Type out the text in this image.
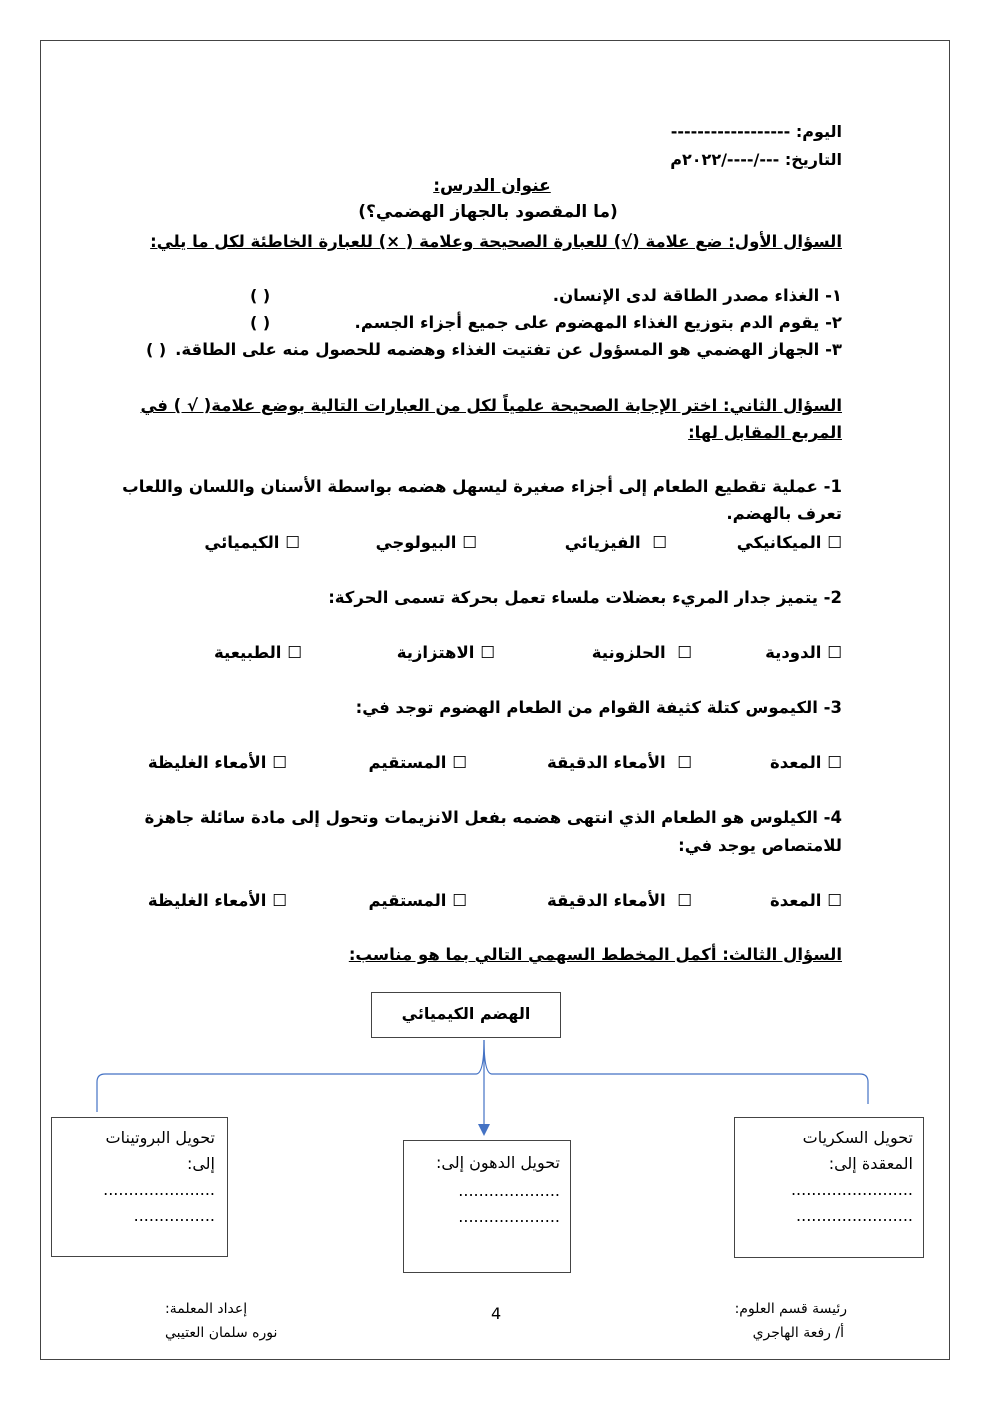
اليوم: ------------------
التاريخ: ---/----/٢٠٢٢م
عنوان الدرس:
(ما المقصود بالجهاز الهضمي؟)
السؤال الأول: ضع علامة (√) للعبارة الصحيحة وعلامة ( ×) للعبارة الخاطئة لكل ما يلي:
١- الغذاء مصدر الطاقة لدى الإنسان.
( )
٢- يقوم الدم بتوزيع الغذاء المهضوم على جميع أجزاء الجسم.
( )
٣- الجهاز الهضمي هو المسؤول عن تفتيت الغذاء وهضمه للحصول منه على الطاقة.
( )
السؤال الثاني: اختر الإجابة الصحيحة علمياً لكل من العبارات التالية بوضع علامة( √ ) في
المربع المقابل لها:
1- عملية تقطيع الطعام إلى أجزاء صغيرة ليسهل هضمه بواسطة الأسنان واللسان واللعاب
تعرف بالهضم.
☐ الميكانيكي
☐  الفيزيائي
☐ البيولوجي
☐ الكيميائي
2- يتميز جدار المريء بعضلات ملساء تعمل بحركة تسمى الحركة:
☐ الدودية
☐  الحلزونية
☐ الاهتزازية
☐ الطبيعية
3- الكيموس كتلة كثيفة القوام من الطعام الهضوم توجد في:
☐ المعدة
☐  الأمعاء الدقيقة
☐ المستقيم
☐ الأمعاء الغليظة
4- الكيلوس هو الطعام الذي انتهى هضمه بفعل الانزيمات وتحول إلى مادة سائلة جاهزة
للامتصاص يوجد في:
☐ المعدة
☐  الأمعاء الدقيقة
☐ المستقيم
☐ الأمعاء الغليظة
السؤال الثالث: أكمل المخطط السهمي التالي بما هو مناسب:
الهضم الكيميائي
تحويل البروتينات
إلى:
......................
................
تحويل الدهون إلى:
....................
....................
تحويل السكريات
المعقدة إلى:
........................
.......................
رئيسة قسم العلوم:
أ/ رفعة الهاجري
4
إعداد المعلمة:
نوره سلمان العتيبي
